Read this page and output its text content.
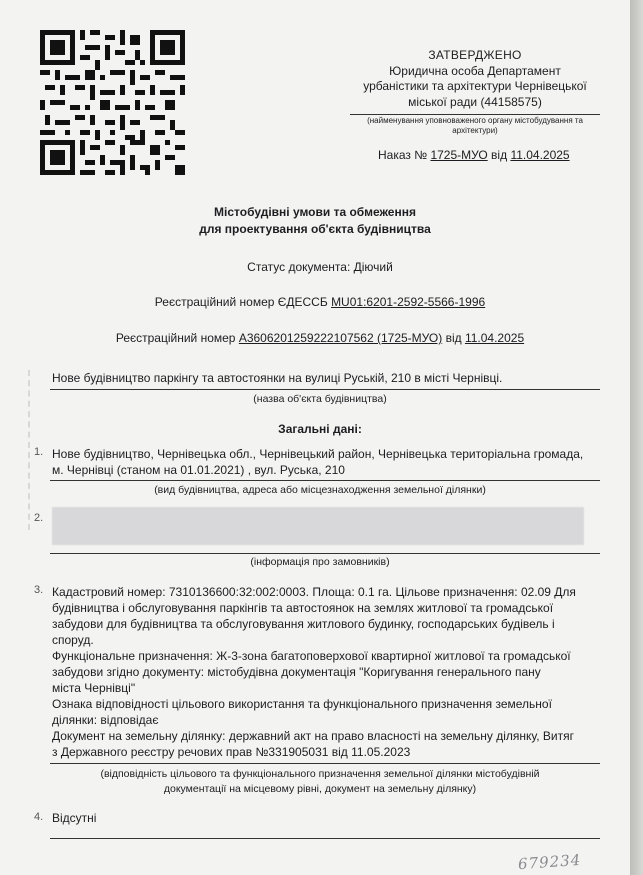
ЗАТВЕРДЖЕНО
Юридична особа Департамент
урбаністики та архітектури Чернівецької
міської ради (44158575)
(найменування уповноваженого органу містобудування та
архітектури)
Наказ № 1725-МУО від 11.04.2025
Містобудівні умови та обмеження
для проектування об'єкта будівництва
Статус документа: Діючий
Реєстраційний номер ЄДЕССБ MU01:6201-2592-5566-1996
Реєстраційний номер А3606201259222107562 (1725-МУО) від 11.04.2025
Нове будівництво паркінгу та автостоянки на вулиці Руській, 210 в місті Чернівці.
(назва об'єкта будівництва)
Загальні дані:
1. Нове будівництво, Чернівецька обл., Чернівецький район, Чернівецька територіальна громада,
м. Чернівці (станом на 01.01.2021) , вул. Руська, 210
(вид будівництва, адреса або місцезнаходження земельної ділянки)
2.
(інформація про замовників)
3. Кадастровий номер: 7310136600:32:002:0003. Площа: 0.1 га. Цільове призначення: 02.09 Для
будівництва і обслуговування паркінгів та автостоянок на землях житлової та громадської
забудови для будівництва та обслуговування житлового будинку, господарських будівель і
споруд.
Функціональне призначення: Ж-3-зона багатоповерхової квартирної житлової та громадської
забудови згідно документу: містобудівна документація "Коригування генерального пану
міста Чернівці"
Ознака відповідності цільового використання та функціонального призначення земельної
ділянки: відповідає
Документ на земельну ділянку: державний акт на право власності на земельну ділянку, Витяг
з Державного реєстру речових прав №331905031 від 11.05.2023
(відповідність цільового та функціонального призначення земельної ділянки містобудівній
документації на місцевому рівні, документ на земельну ділянку)
4. Відсутні
679234
